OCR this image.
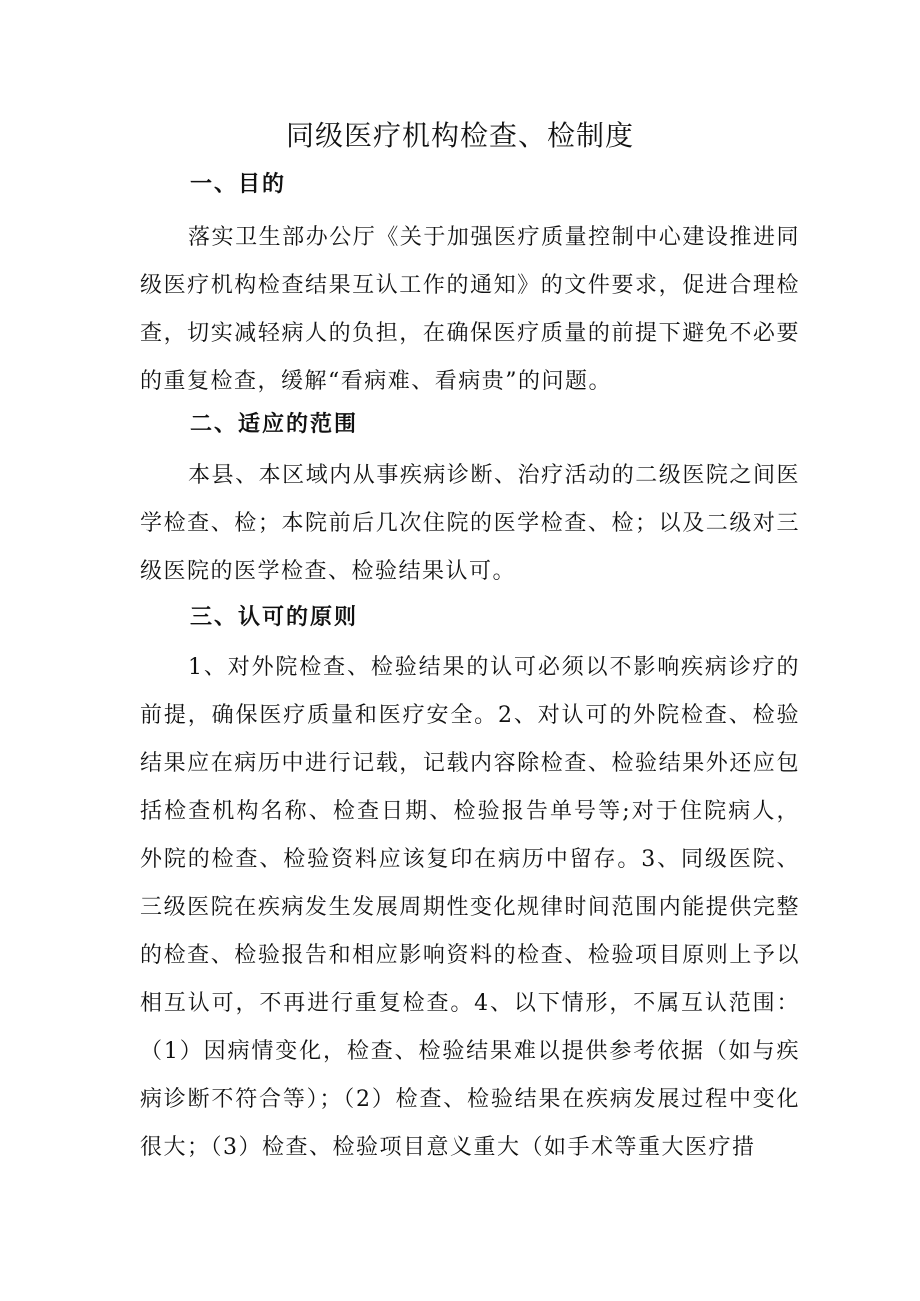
同级医疗机构检查、检制度
一、目的

落实卫生部办公厅《关于加强医疗质量控制中心建设推进同级医疗机构检查结果互认工作的通知》的文件要求，促进合理检查，切实减轻病人的负担，在确保医疗质量的前提下避免不必要的重复检查，缓解“看病难、看病贵”的问题。

二、适应的范围

本县、本区域内从事疾病诊断、治疗活动的二级医院之间医学检查、检；本院前后几次住院的医学检查、检；以及二级对三级医院的医学检查、检验结果认可。

三、认可的原则

1、对外院检查、检验结果的认可必须以不影响疾病诊疗的前提，确保医疗质量和医疗安全。2、对认可的外院检查、检验结果应在病历中进行记载，记载内容除检查、检验结果外还应包括检查机构名称、检查日期、检验报告单号等;对于住院病人，外院的检查、检验资料应该复印在病历中留存。3、同级医院、三级医院在疾病发生发展周期性变化规律时间范围内能提供完整的检查、检验报告和相应影响资料的检查、检验项目原则上予以相互认可，不再进行重复检查。4、以下情形，不属互认范围：（1）因病情变化，检查、检验结果难以提供参考依据（如与疾病诊断不符合等）；（2）检查、检验结果在疾病发展过程中变化很大；（3）检查、检验项目意义重大（如手术等重大医疗措
